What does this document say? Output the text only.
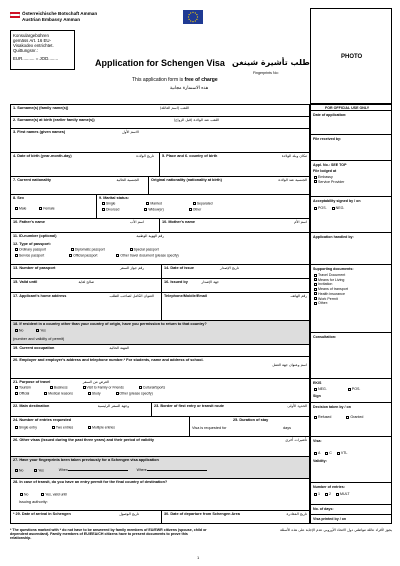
Österreichische Botschaft Amman
Austrian Embassy Amman
Konsulargebühren
gemäss Art. 16 EU-
Visakodex entrichtet.
Quittungsnr.:
EUR.......... = JOD........	Application for Schengen Visa طلب تأشيرة شينغن
Fingerprints No:
This application form is free of charge
هذه الاستمارة مجانية
PHOTO
1. Surname(s) (family name(s))	اللقب (اسم العائلة)
2. Surname(s) at birth (earlier family name(s))	اللقب عند الولادة (قبل الزواج)
3. First names (given names)	الاسم الأول
4. Date of birth (year-month-day)	تاريخ الولادة 5. Place and 6. country of birth	مكان وبلد الولادة
7. Current nationality	الجنسية الحالية	Original nationality (nationality at birth)	الجنسية عند الولادة
8. Sex
Male	Female
9. Marital status:
Single	Married	Separated
Divorced	Widow(er)	Other
10. Father's name	اسم الأب	10. Mother's name	اسم الأم
11. ID-number (optional)	رقم الهوية الوطنية
12. Type of passport:
Ordinary passport	Diplomatic passport	Special passport
Service passport	Official passport	Other travel document (please specify)
13. Number of passport	رقم جواز السفر	14. Date of issue	تاريخ الإصدار
15. Valid until	صالح لغاية	16. Issued by	جهة الإصدار
17. Applicant's home address	العنوان الكامل لصاحب الطلب	Telephone/Mobile/Email	رقم الهاتف
18. If resident in a country other than your country of origin, have you permission to return to that country?
No	Yes
(number and validity of permit)
19. Current occupation	المهنة الحالية
20. Employer and employer's address and telephone number.* For students, name and address of school.
اسم وعنوان جهة العمل
21. Purpose of travel	الغرض من السفر
Tourism	Business	Visit to Family or Friends	Cultural/Sports
Official	Medical reasons	Study	Other (please specify)
22. Main destination	وجهة السفر الرئيسية	23. Border of first entry or transit route	الحدود الأولى
24. Number of entries requested
Single entry	Two entries	Multiple entries
25. Duration of stay
Visa is requested for	days
26. Other visas (issued during the past three years) and their period of validity	تأشيرات أخرى
27. Have your fingerprints been taken previously for a Schengen visa application
No	Yes	When	Where
28. In case of transit, do you have an entry permit for the final country of destination?
No	Yes, valid until
Issuing authority:
* 29. Date of arrival in Schengen	تاريخ الوصول	30. Date of departure from Schengen Area	تاريخ المغادرة
FOR OFFICIAL USE ONLY
Date of application:
File received by:
Appl. No.: SEE TOP
File lodged at
Embassy
Service Provider
Acceptability signed by / on
POS.	NEG.
Application handled by:
Supporting documents:
Travel Document
Means for Living
Invitation
Means of transport
Health insurance
Work Permit
Other:
Consultation:
EKIS
NEG.	POS.
Sign
Decision taken by / on
Refused	Granted
Visa:
A	C	VTL
Validity:
Number of entries:
1	2	MULT
No. of days:
Visa printed by / on
* The questions marked with * do not have to be answered by family members of EU/EWR citizens (spouse, child or dependent ascendant). Family members of EU/EEA/CH citizens have to present documents to prove this relationship.
يجوز لأفراد عائلة مواطني دول الاتحاد الأوروبي عدم الإجابة على هذه الأسئلة
1
